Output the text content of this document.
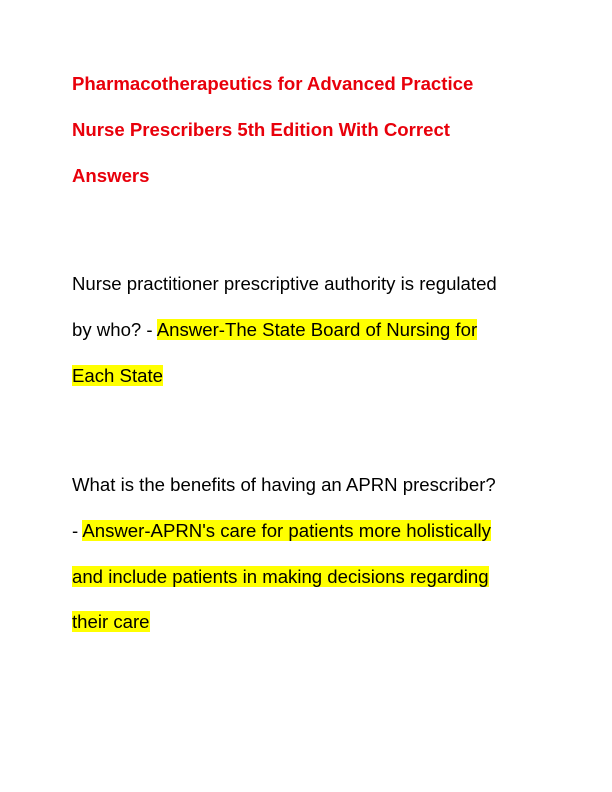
Pharmacotherapeutics for Advanced Practice
Nurse Prescribers 5th Edition With Correct
Answers
Nurse practitioner prescriptive authority is regulated
by who? - Answer-The State Board of Nursing for
Each State
What is the benefits of having an APRN prescriber?
- Answer-APRN's care for patients more holistically
and include patients in making decisions regarding
their care
